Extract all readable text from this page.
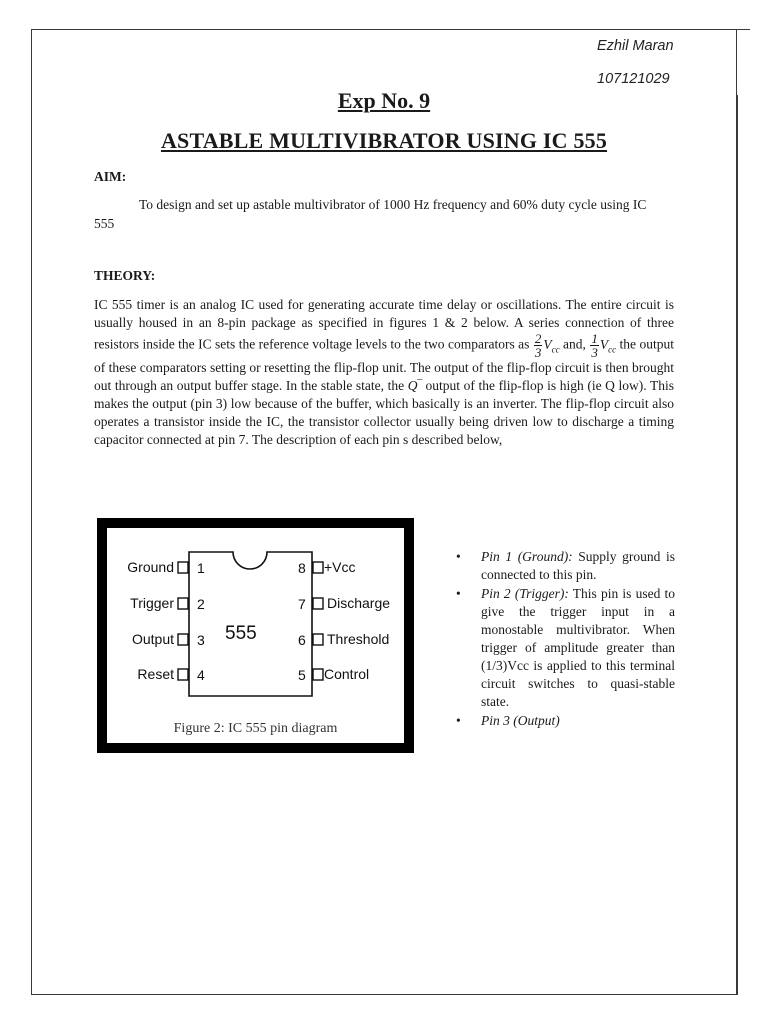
Ezhil Maran
107121029
Exp No. 9
ASTABLE MULTIVIBRATOR USING IC 555
AIM:

To design and set up astable multivibrator of 1000 Hz frequency and 60% duty cycle using IC 555

THEORY:

IC 555 timer is an analog IC used for generating accurate time delay or oscillations. The entire circuit is usually housed in an 8-pin package as specified in figures 1 & 2 below. A series connection of three resistors inside the IC sets the reference voltage levels to the two comparators as $\frac{2}{3} V_{cc}$ and, $\frac{1}{3} V_{cc}$ the output of these comparators setting or resetting the flip-flop unit. The output of the flip-flop circuit is then brought out through an output buffer stage. In the stable state, the Q‾ output of the flip-flop is high (ie Q low). This makes the output (pin 3) low because of the buffer, which basically is an inverter. The flip-flop circuit also operates a transistor inside the IC, the transistor collector usually being driven low to discharge a timing capacitor connected at pin 7. The description of each pin s described below,

Ground
Trigger
Output
Reset
1
2
3
4
8
7
6
5
+Vcc
Discharge
Threshold
Control
555
Figure 2: IC 555 pin diagram
• Pin 1 (Ground): Supply ground is connected to this pin.
• Pin 2 (Trigger): This pin is used to give the trigger input in a monostable multivibrator. When trigger of amplitude greater than (1/3)Vcc is applied to this terminal circuit switches to quasi-stable state.
• Pin 3 (Output)
